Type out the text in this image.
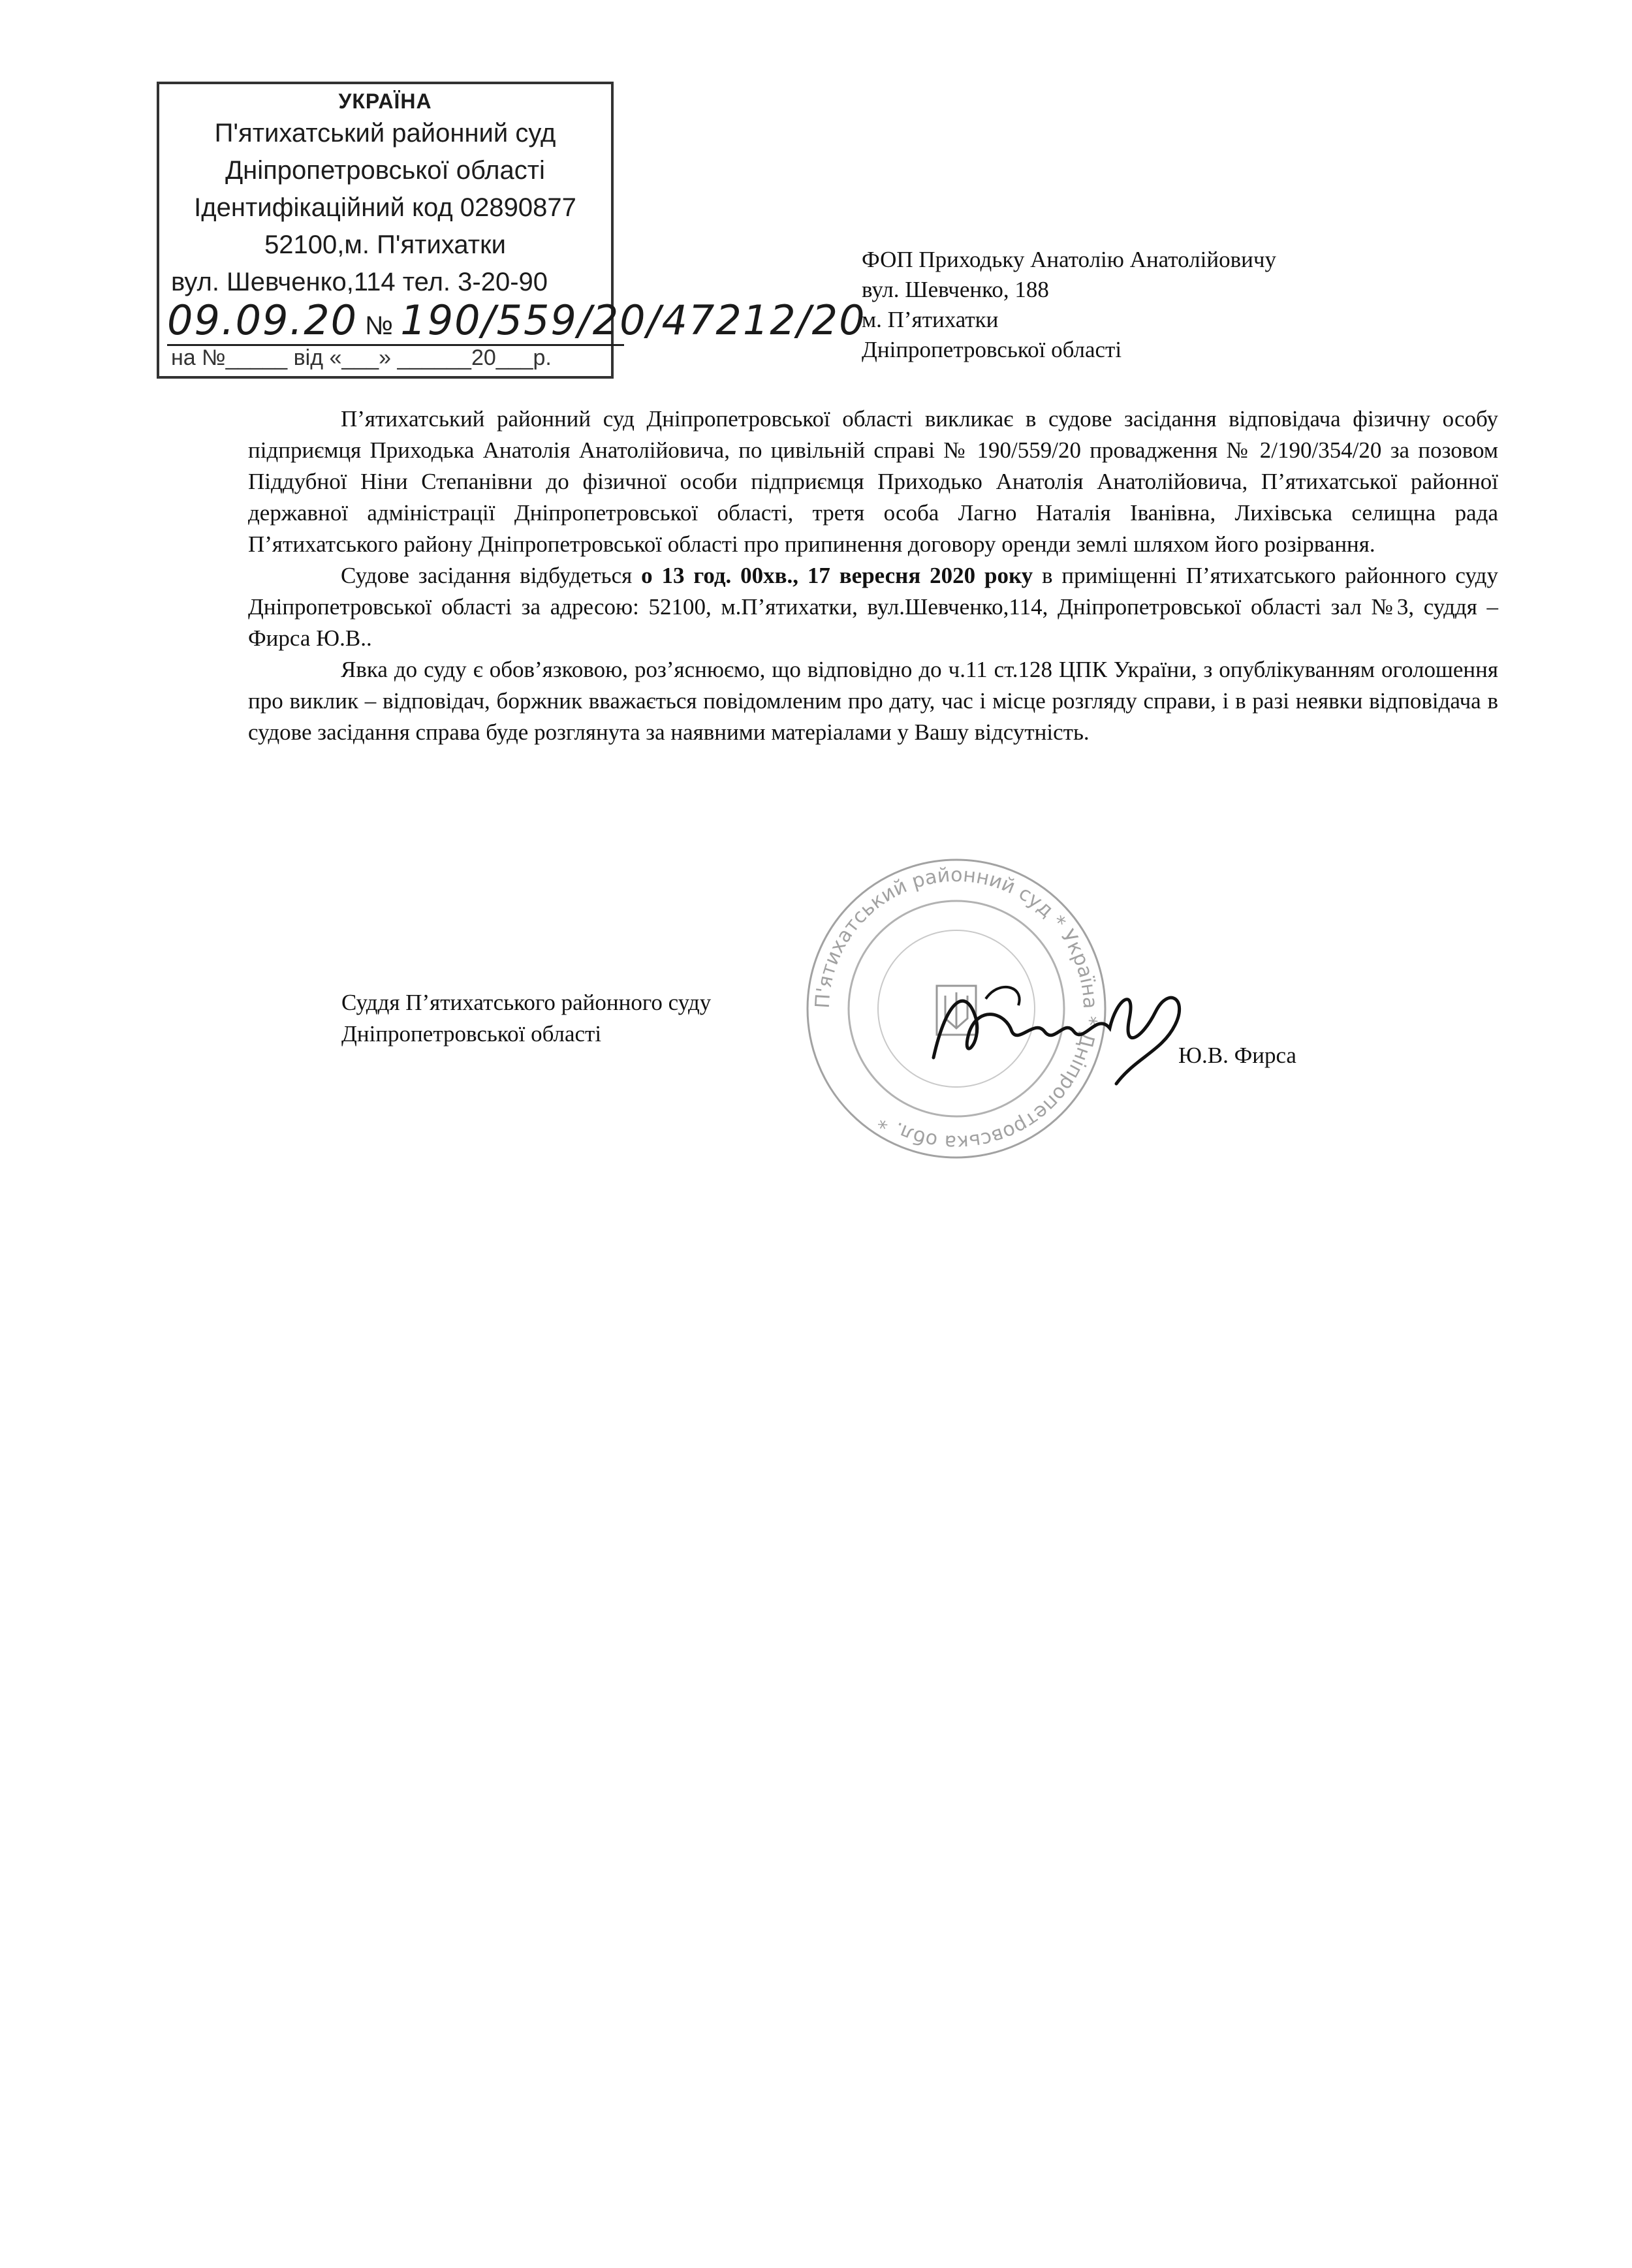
УКРАЇНА
П'ятихатський районний суд
Дніпропетровської області
Ідентифікаційний код 02890877
52100,м. П'ятихатки
вул. Шевченко,114 тел. 3-20-90
09.09.20 № 190/559/20/47212/20
на №_____ від «___» ______20___р.
ФОП Приходьку Анатолію Анатолійовичу
вул. Шевченко, 188
м. П’ятихатки
Дніпропетровської області

П’ятихатський районний суд Дніпропетровської області викликає в судове засідання відповідача фізичну особу підприємця Приходька Анатолія Анатолійовича, по цивільній справі № 190/559/20 провадження № 2/190/354/20 за позовом Піддубної Ніни Степанівни до фізичної особи підприємця Приходько Анатолія Анатолійовича, П’ятихатської районної державної адміністрації Дніпропетровської області, третя особа Лагно Наталія Іванівна, Лихівська селищна рада П’ятихатського району Дніпропетровської області про припинення договору оренди землі шляхом його розірвання.

Судове засідання відбудеться о 13 год. 00хв., 17 вересня 2020 року в приміщенні П’ятихатського районного суду Дніпропетровської області за адресою: 52100, м.П’ятихатки, вул.Шевченко,114, Дніпропетровської області зал №3, суддя – Фирса Ю.В..

Явка до суду є обов’язковою, роз’яснюємо, що відповідно до ч.11 ст.128 ЦПК України, з опублікуванням оголошення про виклик – відповідач, боржник вважається повідомленим про дату, час і місце розгляду справи, і в разі неявки відповідача в судове засідання справа буде розглянута за наявними матеріалами у Вашу відсутність.

П'ятихатський районний суд * Україна * Дніпропетровська обл. *
Суддя П’ятихатського районного суду
Дніпропетровської області
Ю.В. Фирса
